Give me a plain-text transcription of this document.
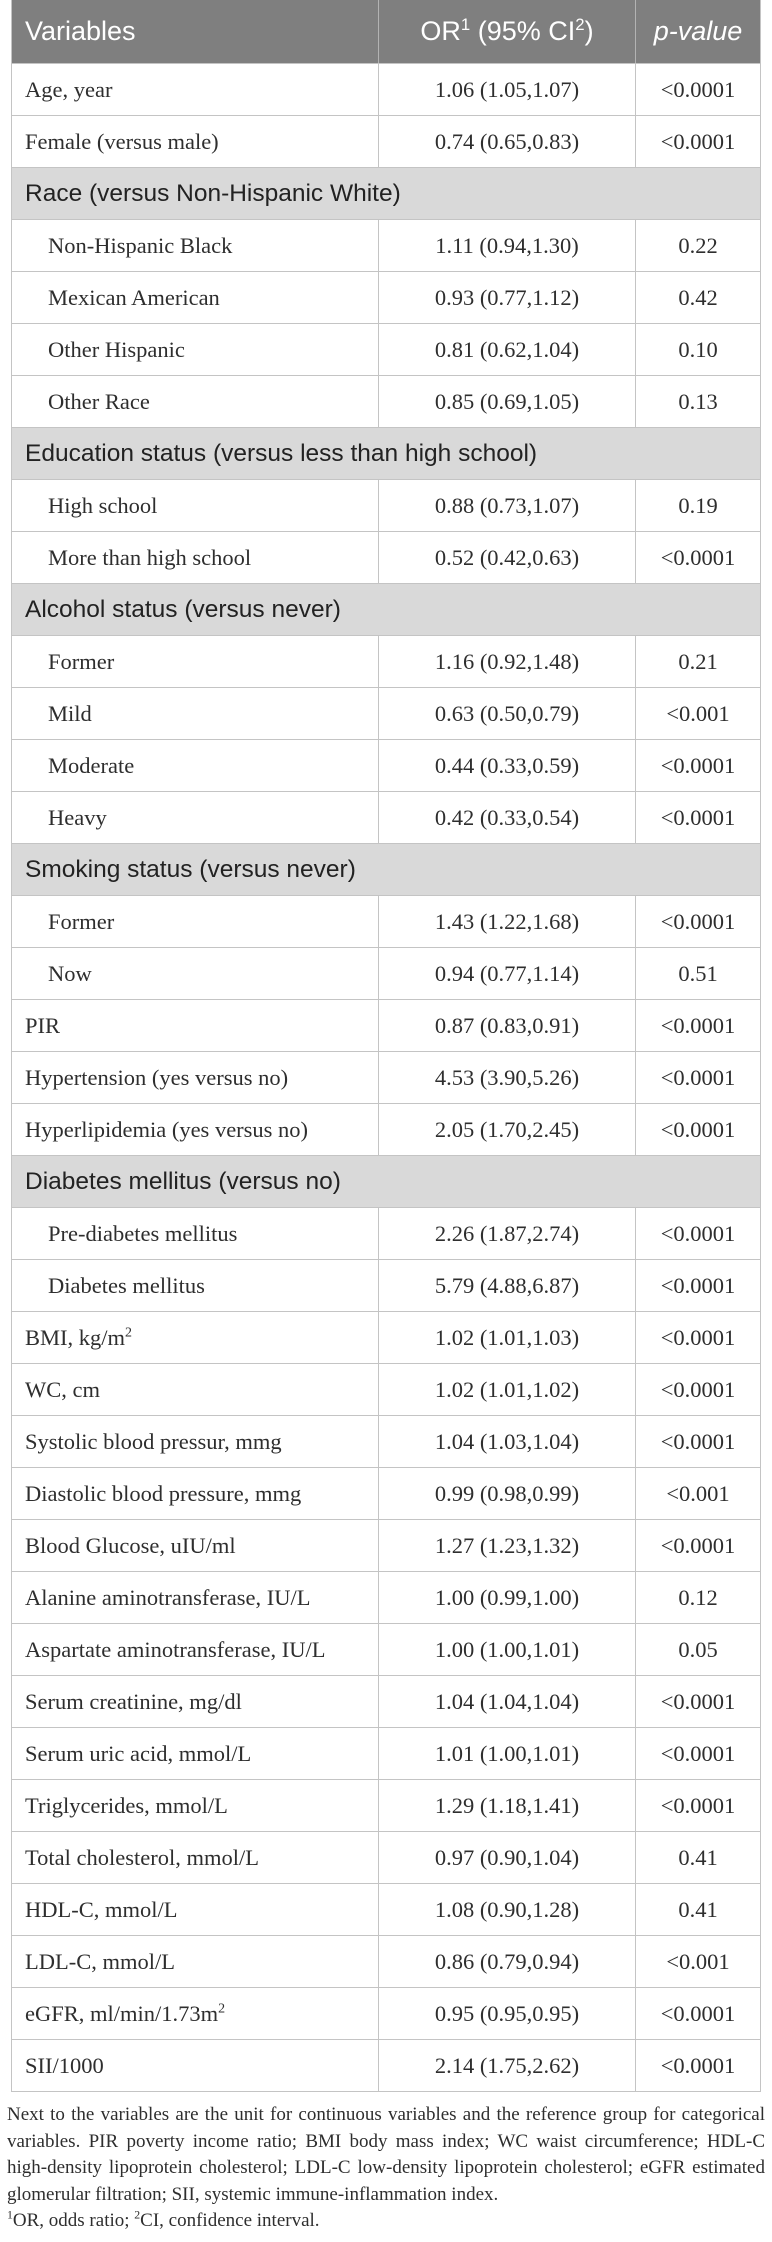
Variables	$OR^1$ (95% $CI^2$)	p-value
Age, year	1.06 (1.05,1.07)	<0.0001
Female (versus male)	0.74 (0.65,0.83)	<0.0001
Race (versus Non-Hispanic White)
Non-Hispanic Black	1.11 (0.94,1.30)	0.22
Mexican American	0.93 (0.77,1.12)	0.42
Other Hispanic	0.81 (0.62,1.04)	0.10
Other Race	0.85 (0.69,1.05)	0.13
Education status (versus less than high school)
High school	0.88 (0.73,1.07)	0.19
More than high school	0.52 (0.42,0.63)	<0.0001
Alcohol status (versus never)
Former	1.16 (0.92,1.48)	0.21
Mild	0.63 (0.50,0.79)	<0.001
Moderate	0.44 (0.33,0.59)	<0.0001
Heavy	0.42 (0.33,0.54)	<0.0001
Smoking status (versus never)
Former	1.43 (1.22,1.68)	<0.0001
Now	0.94 (0.77,1.14)	0.51
PIR	0.87 (0.83,0.91)	<0.0001
Hypertension (yes versus no)	4.53 (3.90,5.26)	<0.0001
Hyperlipidemia (yes versus no)	2.05 (1.70,2.45)	<0.0001
Diabetes mellitus (versus no)
Pre-diabetes mellitus	2.26 (1.87,2.74)	<0.0001
Diabetes mellitus	5.79 (4.88,6.87)	<0.0001
BMI, $kg/m^2$	1.02 (1.01,1.03)	<0.0001
WC, cm	1.02 (1.01,1.02)	<0.0001
Systolic blood pressur, mmg	1.04 (1.03,1.04)	<0.0001
Diastolic blood pressure, mmg	0.99 (0.98,0.99)	<0.001
Blood Glucose, uIU/ml	1.27 (1.23,1.32)	<0.0001
Alanine aminotransferase, IU/L	1.00 (0.99,1.00)	0.12
Aspartate aminotransferase, IU/L	1.00 (1.00,1.01)	0.05
Serum creatinine, mg/dl	1.04 (1.04,1.04)	<0.0001
Serum uric acid, mmol/L	1.01 (1.00,1.01)	<0.0001
Triglycerides, mmol/L	1.29 (1.18,1.41)	<0.0001
Total cholesterol, mmol/L	0.97 (0.90,1.04)	0.41
HDL-C, mmol/L	1.08 (0.90,1.28)	0.41
LDL-C, mmol/L	0.86 (0.79,0.94)	<0.001
eGFR, $ml/\min/1.73m^2$	0.95 (0.95,0.95)	<0.0001
SII/1000	2.14 (1.75,2.62)	<0.0001

Next to the variables are the unit for continuous variables and the reference group for categorical variables. PIR poverty income ratio; BMI body mass index; WC waist circumference; HDL-C high-density lipoprotein cholesterol; LDL-C low-density lipoprotein cholesterol; eGFR estimated glomerular filtration; SII, systemic immune-inflammation index.

$^1$OR, odds ratio; $^2$CI, confidence interval.
